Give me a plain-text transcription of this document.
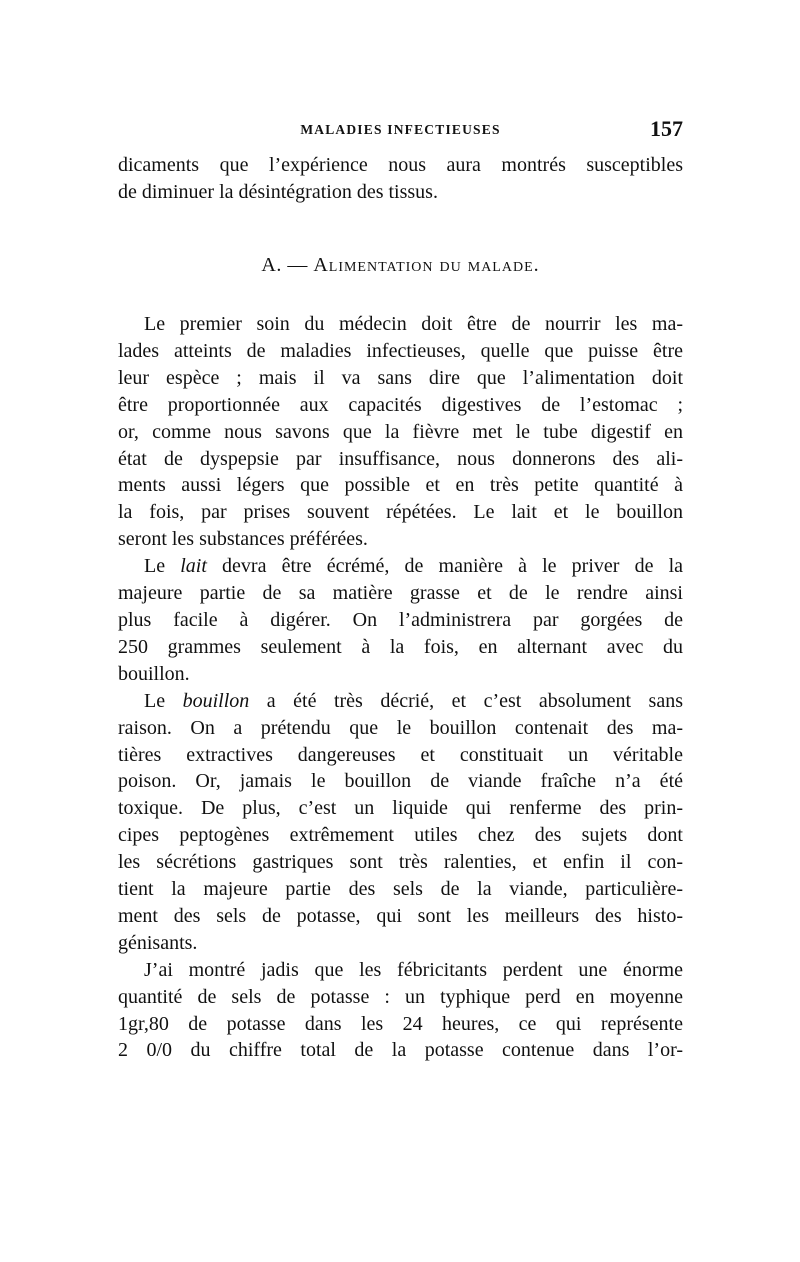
MALADIES INFECTIEUSES	157

dicaments que l’expérience nous aura montrés susceptibles

de diminuer la désintégration des tissus.

A. — Alimentation du malade.

Le premier soin du médecin doit être de nourrir les ma-

lades atteints de maladies infectieuses, quelle que puisse être

leur espèce ; mais il va sans dire que l’alimentation doit

être proportionnée aux capacités digestives de l’estomac ;

or, comme nous savons que la fièvre met le tube digestif en

état de dyspepsie par insuffisance, nous donnerons des ali-

ments aussi légers que possible et en très petite quantité à

la fois, par prises souvent répétées. Le lait et le bouillon

seront les substances préférées.

Le lait devra être écrémé, de manière à le priver de la

majeure partie de sa matière grasse et de le rendre ainsi

plus facile à digérer. On l’administrera par gorgées de

250 grammes seulement à la fois, en alternant avec du

bouillon.

Le bouillon a été très décrié, et c’est absolument sans

raison. On a prétendu que le bouillon contenait des ma-

tières extractives dangereuses et constituait un véritable

poison. Or, jamais le bouillon de viande fraîche n’a été

toxique. De plus, c’est un liquide qui renferme des prin-

cipes peptogènes extrêmement utiles chez des sujets dont

les sécrétions gastriques sont très ralenties, et enfin il con-

tient la majeure partie des sels de la viande, particulière-

ment des sels de potasse, qui sont les meilleurs des histo-

génisants.

J’ai montré jadis que les fébricitants perdent une énorme

quantité de sels de potasse : un typhique perd en moyenne

1gr,80 de potasse dans les 24 heures, ce qui représente

2 0/0 du chiffre total de la potasse contenue dans l’or-
